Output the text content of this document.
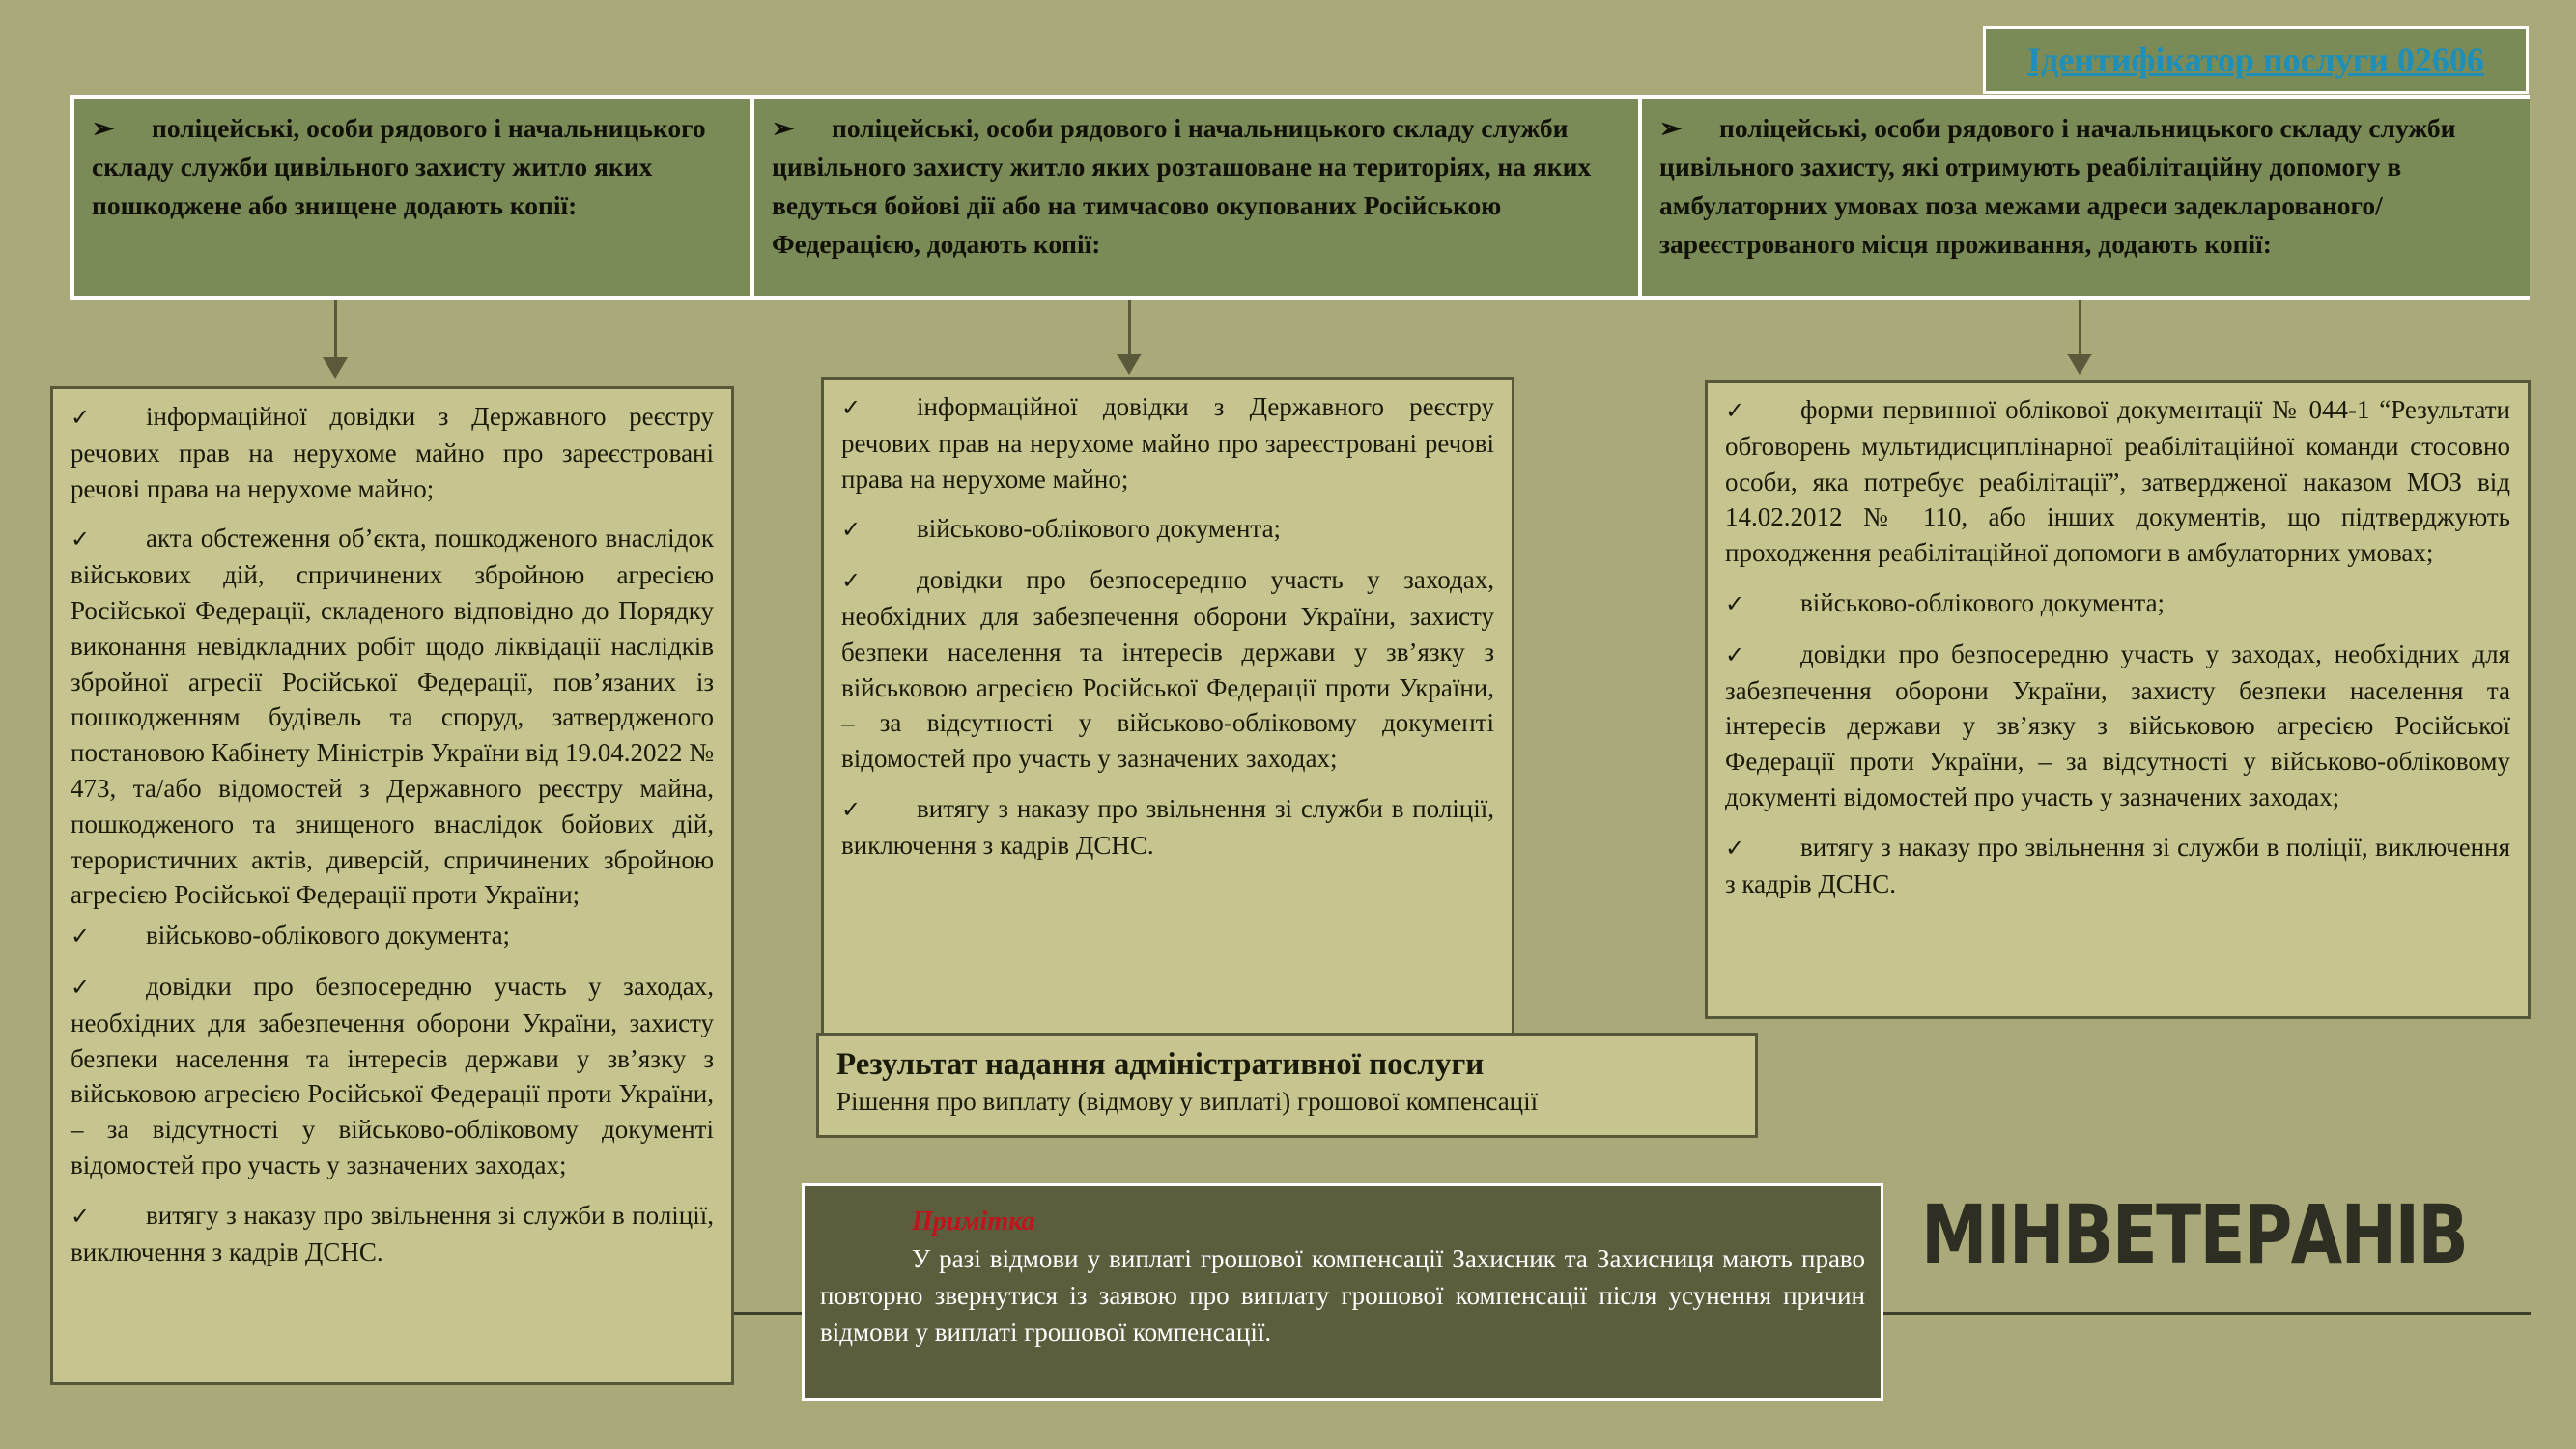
Ідентифікатор послуги 02606
➢ поліцейські, особи рядового і начальницького складу служби цивільного захисту житло яких пошкоджене або знищене додають копії:
➢ поліцейські, особи рядового і начальницького складу служби цивільного захисту житло яких розташоване на територіях, на яких ведуться бойові дії або на тимчасово окупованих Російською Федерацією, додають копії:
➢ поліцейські, особи рядового і начальницького складу служби цивільного захисту, які отримують реабілітаційну допомогу в амбулаторних умовах поза межами адреси задекларованого/зареєстрованого місця проживання, додають копії:

✓ інформаційної довідки з Державного реєстру речових прав на нерухоме майно про зареєстровані речові права на нерухоме майно;

✓ акта обстеження об’єкта, пошкодженого внаслідок військових дій, спричинених збройною агресією Російської Федерації, складеного відповідно до Порядку виконання невідкладних робіт щодо ліквідації наслідків збройної агресії Російської Федерації, пов’язаних із пошкодженням будівель та споруд, затвердженого постановою Кабінету Міністрів України від 19.04.2022 № 473, та/або відомостей з Державного реєстру майна, пошкодженого та знищеного внаслідок бойових дій, терористичних актів, диверсій, спричинених збройною агресією Російської Федерації проти України;

✓ військово-облікового документа;

✓ довідки про безпосередню участь у заходах, необхідних для забезпечення оборони України, захисту безпеки населення та інтересів держави у зв’язку з військовою агресією Російської Федерації проти України, – за відсутності у військово-обліковому документі відомостей про участь у зазначених заходах;

✓ витягу з наказу про звільнення зі служби в поліції, виключення з кадрів ДСНС.

✓ інформаційної довідки з Державного реєстру речових прав на нерухоме майно про зареєстровані речові права на нерухоме майно;

✓ військово-облікового документа;

✓ довідки про безпосередню участь у заходах, необхідних для забезпечення оборони України, захисту безпеки населення та інтересів держави у зв’язку з військовою агресією Російської Федерації проти України, – за відсутності у військово-обліковому документі відомостей про участь у зазначених заходах;

✓ витягу з наказу про звільнення зі служби в поліції, виключення з кадрів ДСНС.

✓ форми первинної облікової документації № 044-1 “Результати обговорень мультидисциплінарної реабілітаційної команди стосовно особи, яка потребує реабілітації”, затвердженої наказом МОЗ від 14.02.2012 № 110, або інших документів, що підтверджують проходження реабілітаційної допомоги в амбулаторних умовах;

✓ військово-облікового документа;

✓ довідки про безпосередню участь у заходах, необхідних для забезпечення оборони України, захисту безпеки населення та інтересів держави у зв’язку з військовою агресією Російської Федерації проти України, – за відсутності у військово-обліковому документі відомостей про участь у зазначених заходах;

✓ витягу з наказу про звільнення зі служби в поліції, виключення з кадрів ДСНС.

Результат надання адміністративної послуги
Рішення про виплату (відмову у виплаті) грошової компенсації
Примітка

У разі відмови у виплаті грошової компенсації Захисник та Захисниця мають право повторно звернутися із заявою про виплату грошової компенсації після усунення причин відмови у виплаті грошової компенсації.

МІНВЕТЕРАНІВ
